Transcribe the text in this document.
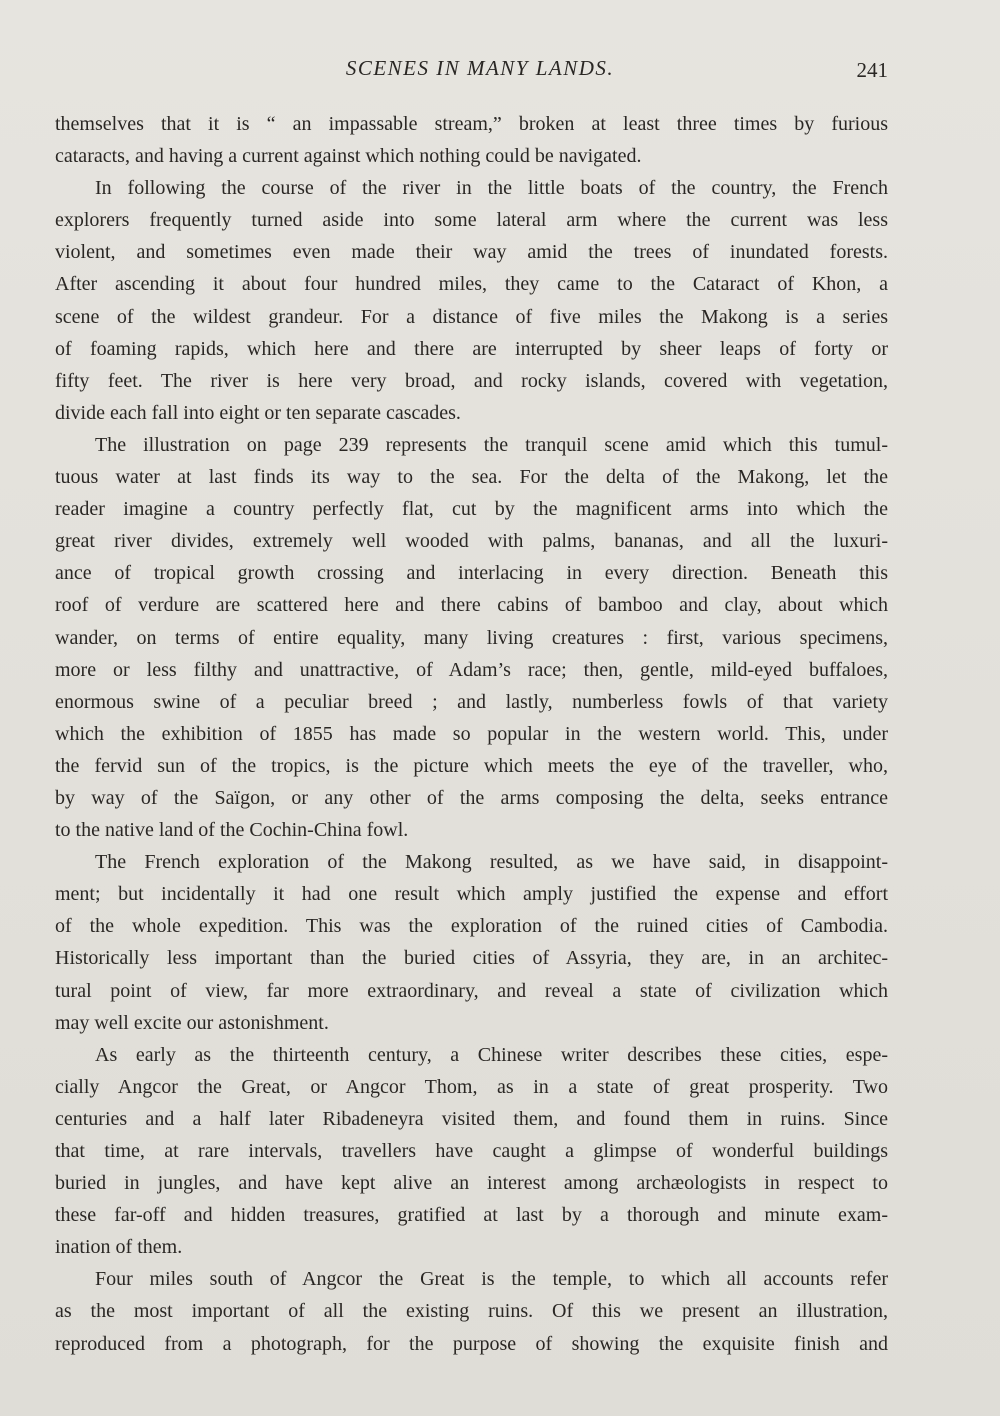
SCENES IN MANY LANDS.	241
themselves that it is “ an impassable stream,” broken at least three times by furious
cataracts, and having a current against which nothing could be navigated.
In following the course of the river in the little boats of the country, the French
explorers frequently turned aside into some lateral arm where the current was less
violent, and sometimes even made their way amid the trees of inundated forests.
After ascending it about four hundred miles, they came to the Cataract of Khon, a
scene of the wildest grandeur. For a distance of five miles the Makong is a series
of foaming rapids, which here and there are interrupted by sheer leaps of forty or
fifty feet. The river is here very broad, and rocky islands, covered with vegetation,
divide each fall into eight or ten separate cascades.
The illustration on page 239 represents the tranquil scene amid which this tumul-
tuous water at last finds its way to the sea. For the delta of the Makong, let the
reader imagine a country perfectly flat, cut by the magnificent arms into which the
great river divides, extremely well wooded with palms, bananas, and all the luxuri-
ance of tropical growth crossing and interlacing in every direction. Beneath this
roof of verdure are scattered here and there cabins of bamboo and clay, about which
wander, on terms of entire equality, many living creatures : first, various specimens,
more or less filthy and unattractive, of Adam’s race; then, gentle, mild-eyed buffaloes,
enormous swine of a peculiar breed ; and lastly, numberless fowls of that variety
which the exhibition of 1855 has made so popular in the western world. This, under
the fervid sun of the tropics, is the picture which meets the eye of the traveller, who,
by way of the Saïgon, or any other of the arms composing the delta, seeks entrance
to the native land of the Cochin-China fowl.
The French exploration of the Makong resulted, as we have said, in disappoint-
ment; but incidentally it had one result which amply justified the expense and effort
of the whole expedition. This was the exploration of the ruined cities of Cambodia.
Historically less important than the buried cities of Assyria, they are, in an architec-
tural point of view, far more extraordinary, and reveal a state of civilization which
may well excite our astonishment.
As early as the thirteenth century, a Chinese writer describes these cities, espe-
cially Angcor the Great, or Angcor Thom, as in a state of great prosperity. Two
centuries and a half later Ribadeneyra visited them, and found them in ruins. Since
that time, at rare intervals, travellers have caught a glimpse of wonderful buildings
buried in jungles, and have kept alive an interest among archæologists in respect to
these far-off and hidden treasures, gratified at last by a thorough and minute exam-
ination of them.
Four miles south of Angcor the Great is the temple, to which all accounts refer
as the most important of all the existing ruins. Of this we present an illustration,
reproduced from a photograph, for the purpose of showing the exquisite finish and
